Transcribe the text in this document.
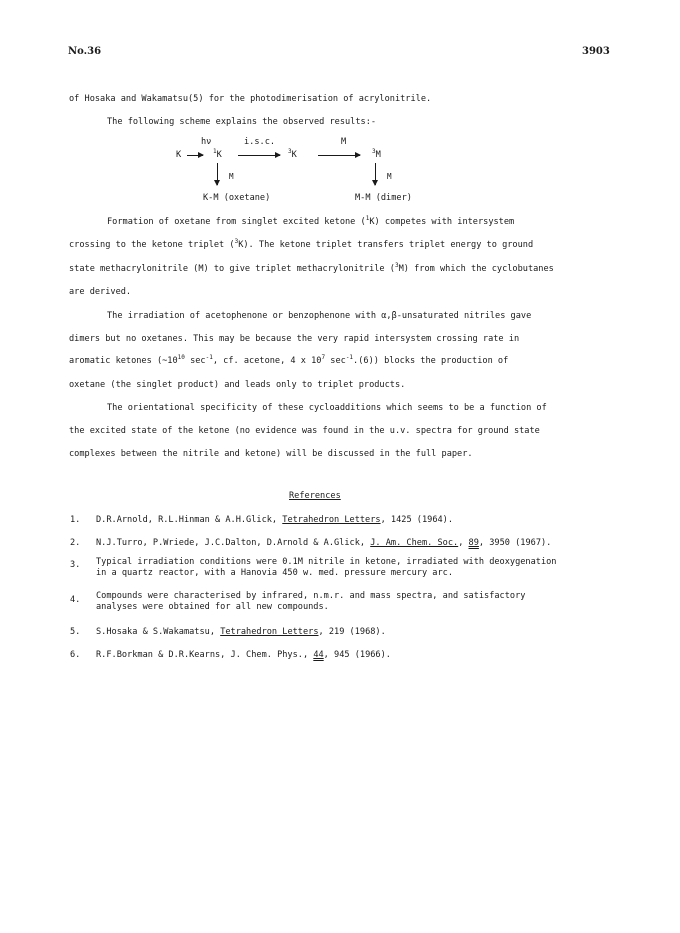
No.36	3903
of Hosaka and Wakamatsu(5) for the photodimerisation of acrylonitrile.
The following scheme explains the observed results:-
K
hν
$^1$K
i.s.c.
$^3$K
M
$^3$M
M	M
K-M (oxetane)	M-M (dimer)
Formation of oxetane from singlet excited ketone ($^1$K) competes with intersystem
crossing to the ketone triplet ($^3$K). The ketone triplet transfers triplet energy to ground
state methacrylonitrile (M) to give triplet methacrylonitrile ($^3$M) from which the cyclobutanes
are derived.
The irradiation of acetophenone or benzophenone with α,β-unsaturated nitriles gave
dimers but no oxetanes. This may be because the very rapid intersystem crossing rate in
aromatic ketones ($\sim 10^{10}$ $\sec^{-1}$, cf. acetone, 4 x $10^7$ $\sec^{-1}.(6)$) blocks the production of
oxetane (the singlet product) and leads only to triplet products.
The orientational specificity of these cycloadditions which seems to be a function of
the excited state of the ketone (no evidence was found in the u.v. spectra for ground state
complexes between the nitrile and ketone) will be discussed in the full paper.
References
1. D.R.Arnold, R.L.Hinman & A.H.Glick, Tetrahedron Letters, 1425 (1964).
2. N.J.Turro, P.Wriede, J.C.Dalton, D.Arnold & A.Glick, J. Am. Chem. Soc., 89, 3950 (1967).
3. Typical irradiation conditions were 0.1M nitrile in ketone, irradiated with deoxygenation
in a quartz reactor, with a Hanovia 450 w. med. pressure mercury arc.
4. Compounds were characterised by infrared, n.m.r. and mass spectra, and satisfactory
analyses were obtained for all new compounds.
5. S.Hosaka & S.Wakamatsu, Tetrahedron Letters, 219 (1968).
6. R.F.Borkman & D.R.Kearns, J. Chem. Phys., 44, 945 (1966).
